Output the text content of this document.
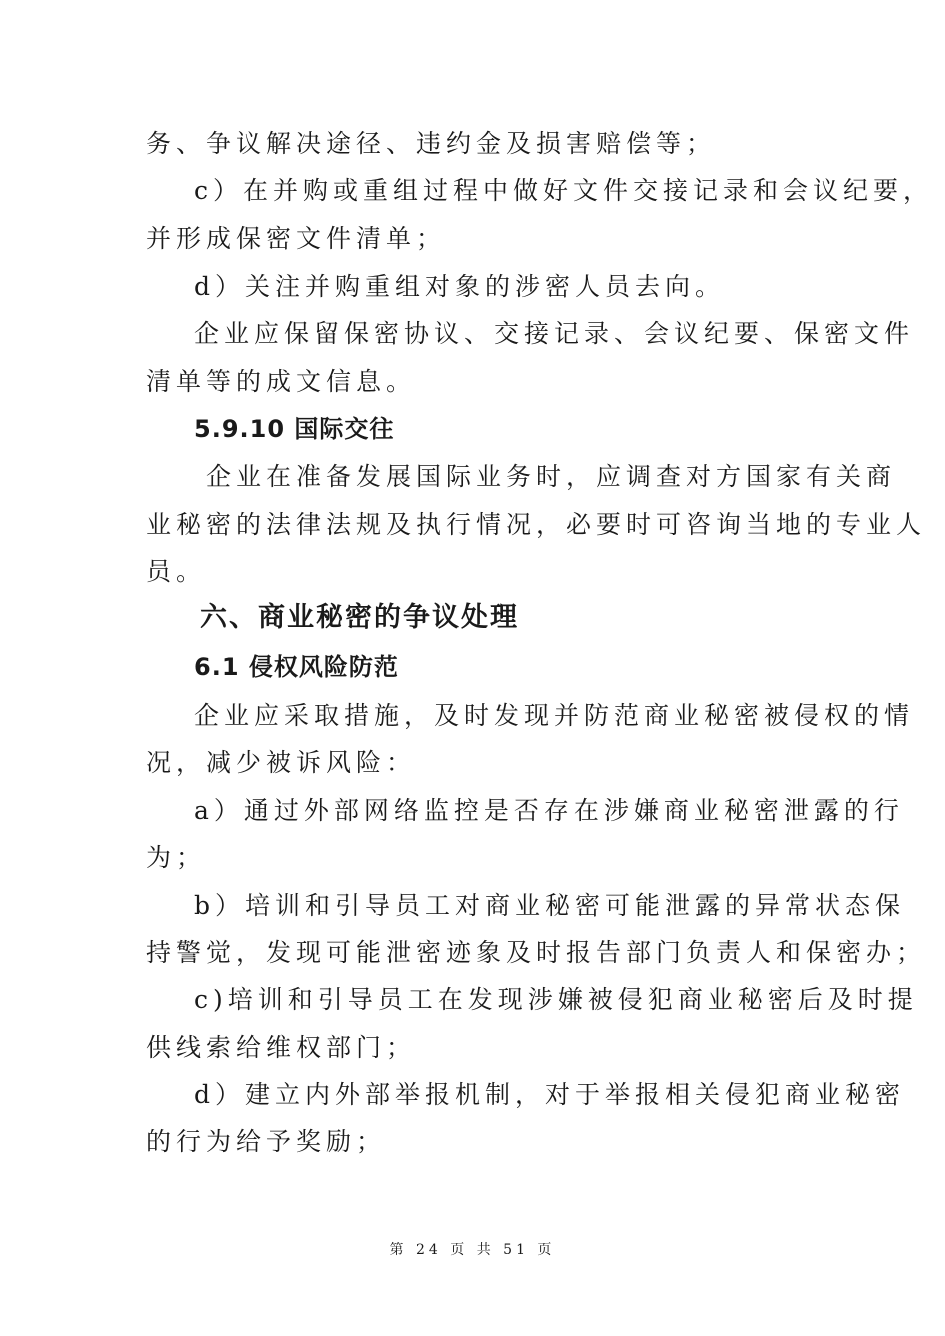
务、争议解决途径、违约金及损害赔偿等；
c）在并购或重组过程中做好文件交接记录和会议纪要，
并形成保密文件清单；
d）关注并购重组对象的涉密人员去向。
企业应保留保密协议、交接记录、会议纪要、保密文件
清单等的成文信息。
5.9.10 国际交往
企业在准备发展国际业务时，应调查对方国家有关商
业秘密的法律法规及执行情况，必要时可咨询当地的专业人
员。
六、商业秘密的争议处理
6.1 侵权风险防范
企业应采取措施，及时发现并防范商业秘密被侵权的情
况，减少被诉风险：
a）通过外部网络监控是否存在涉嫌商业秘密泄露的行
为；
b）培训和引导员工对商业秘密可能泄露的异常状态保
持警觉，发现可能泄密迹象及时报告部门负责人和保密办；
c)培训和引导员工在发现涉嫌被侵犯商业秘密后及时提
供线索给维权部门；
d）建立内外部举报机制，对于举报相关侵犯商业秘密
的行为给予奖励；
第 24 页 共 51 页
